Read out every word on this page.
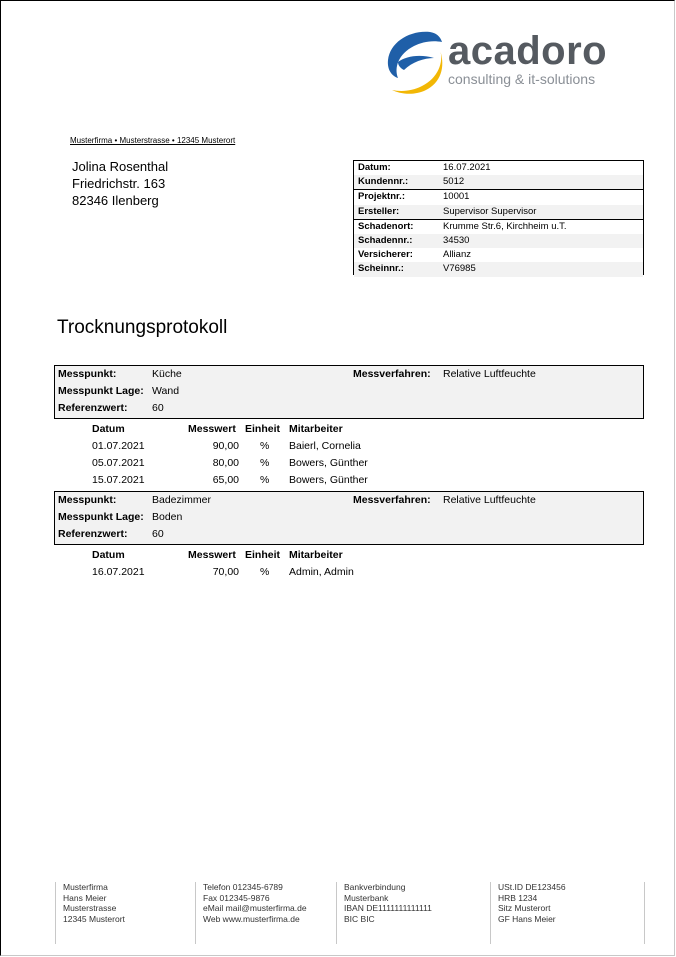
acadoro
consulting & it-solutions
Musterfirma • Musterstrasse • 12345 Musterort
Jolina Rosenthal
Friedrichstr. 163
82346 Ilenberg
Datum:	16.07.2021
Kundennr.:	5012
Projektnr.:	10001
Ersteller:	Supervisor Supervisor
Schadenort:	Krumme Str.6, Kirchheim u.T.
Schadennr.:	34530
Versicherer:	Allianz
Scheinnr.:	V76985
Trocknungsprotokoll
Messpunkt:	Küche	Messverfahren: Relative Luftfeuchte
Messpunkt Lage: Wand
Referenzwert: 60
Datum	Messwert Einheit Mitarbeiter
01.07.2021	90,00 % Baierl, Cornelia
05.07.2021	80,00 % Bowers, Günther
15.07.2021	65,00 % Bowers, Günther
Messpunkt:	Badezimmer	Messverfahren: Relative Luftfeuchte
Messpunkt Lage: Boden
Referenzwert: 60
Datum	Messwert Einheit Mitarbeiter
16.07.2021	70,00 % Admin, Admin
Musterfirma
Hans Meier
Musterstrasse
12345 Musterort
Telefon 012345-6789
Fax 012345-9876
eMail mail@musterfirma.de
Web www.musterfirma.de
Bankverbindung
Musterbank
IBAN DE1111111111111
BIC BIC
USt.ID DE123456
HRB 1234
Sitz Musterort
GF Hans Meier
